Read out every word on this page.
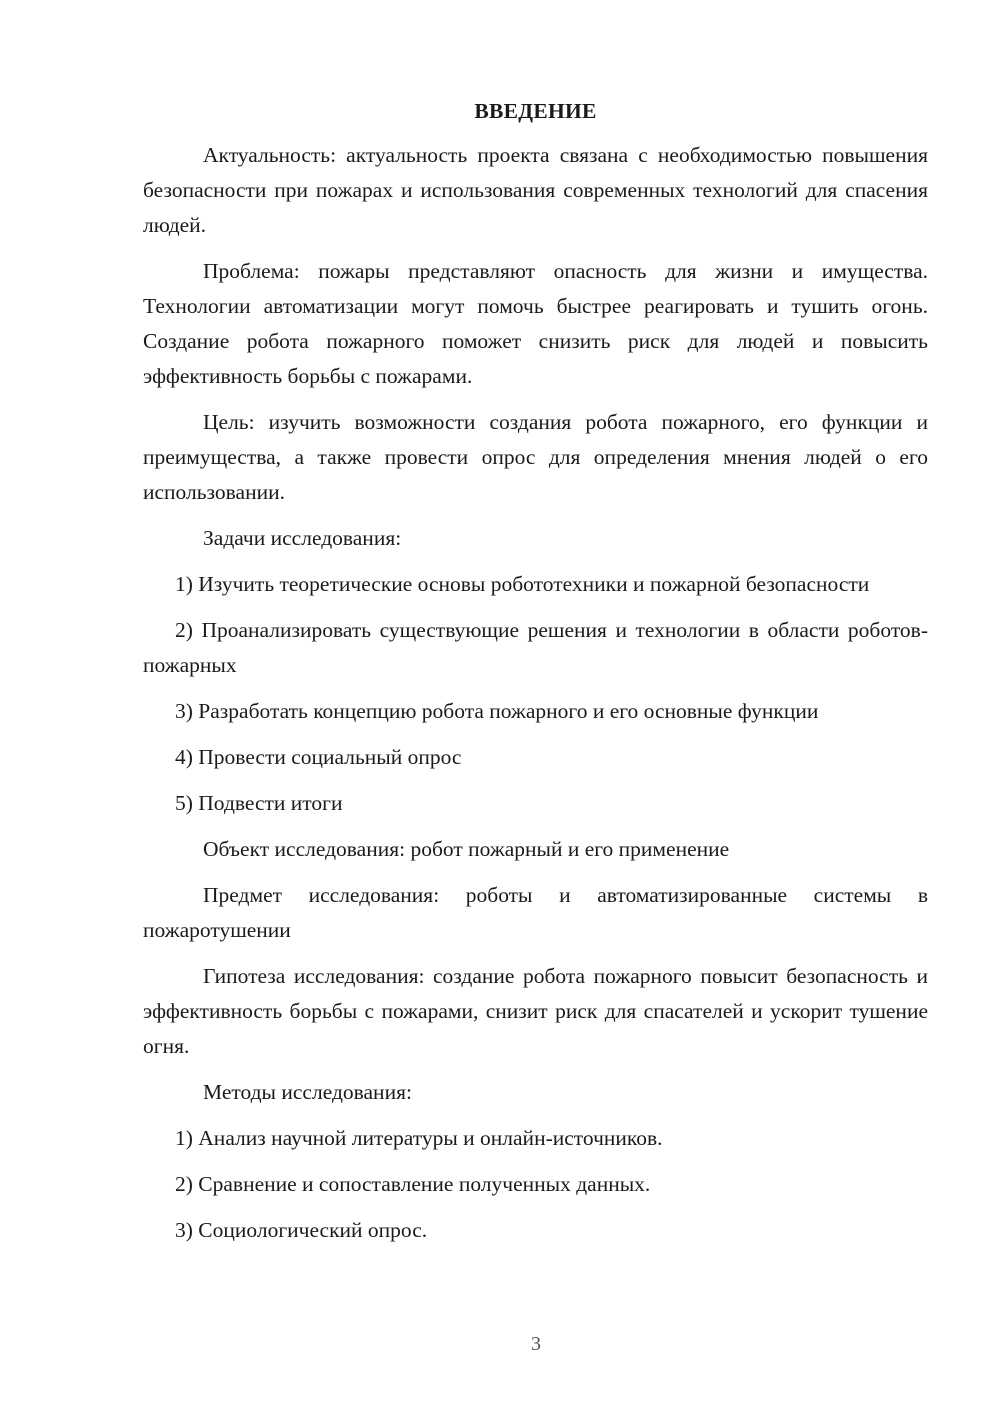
ВВЕДЕНИЕ

Актуальность: актуальность проекта связана с необходимостью повышения безопасности при пожарах и использования современных технологий для спасения людей.

Проблема: пожары представляют опасность для жизни и имущества. Технологии автоматизации могут помочь быстрее реагировать и тушить огонь. Создание робота пожарного поможет снизить риск для людей и повысить эффективность борьбы с пожарами.

Цель: изучить возможности создания робота пожарного, его функции и преимущества, а также провести опрос для определения мнения людей о его использовании.

Задачи исследования:

1) Изучить теоретические основы робототехники и пожарной безопасности

2) Проанализировать существующие решения и технологии в области роботов-пожарных

3) Разработать концепцию робота пожарного и его основные функции

4) Провести социальный опрос

5) Подвести итоги

Объект исследования: робот пожарный и его применение

Предмет исследования: роботы и автоматизированные системы в пожаротушении

Гипотеза исследования: создание робота пожарного повысит безопасность и эффективность борьбы с пожарами, снизит риск для спасателей и ускорит тушение огня.

Методы исследования:

1) Анализ научной литературы и онлайн-источников.

2) Сравнение и сопоставление полученных данных.

3) Социологический опрос.

3
